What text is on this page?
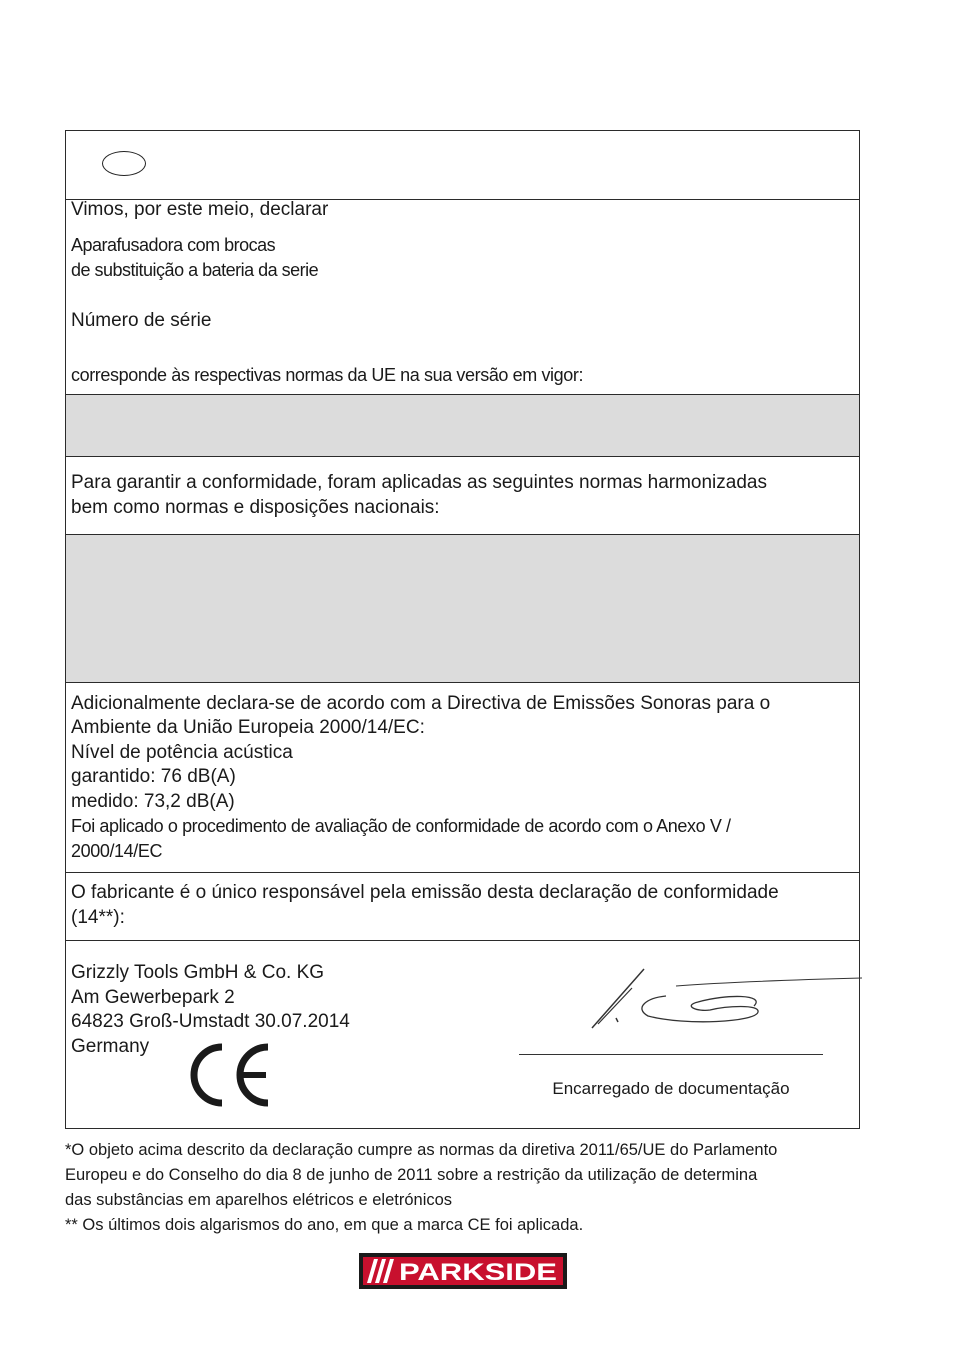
Vimos, por este meio, declarar
Aparafusadora com brocas
de substituição a bateria da serie
Número de série
corresponde às respectivas normas da UE na sua versão em vigor:
Para garantir a conformidade, foram aplicadas as seguintes normas harmonizadas
bem como normas e disposições nacionais:
Adicionalmente declara-se de acordo com a Directiva de Emissões Sonoras para o
Ambiente da União Europeia 2000/14/EC:
Nível de potência acústica
garantido: 76 dB(A)
medido: 73,2 dB(A)
Foi aplicado o procedimento de avaliação de conformidade de acordo com o Anexo V /
2000/14/EC
O fabricante é o único responsável pela emissão desta declaração de conformidade
(14**):
Grizzly Tools GmbH & Co. KG
Am Gewerbepark 2
64823 Groß-Umstadt 30.07.2014
Germany
Encarregado de documentação
*O objeto acima descrito da declaração cumpre as normas da diretiva 2011/65/UE do Parlamento
Europeu e do Conselho do dia 8 de junho de 2011 sobre a restrição da utilização de determina
das substâncias em aparelhos elétricos e eletrónicos
** Os últimos dois algarismos do ano, em que a marca CE foi aplicada.
PARKSIDE
